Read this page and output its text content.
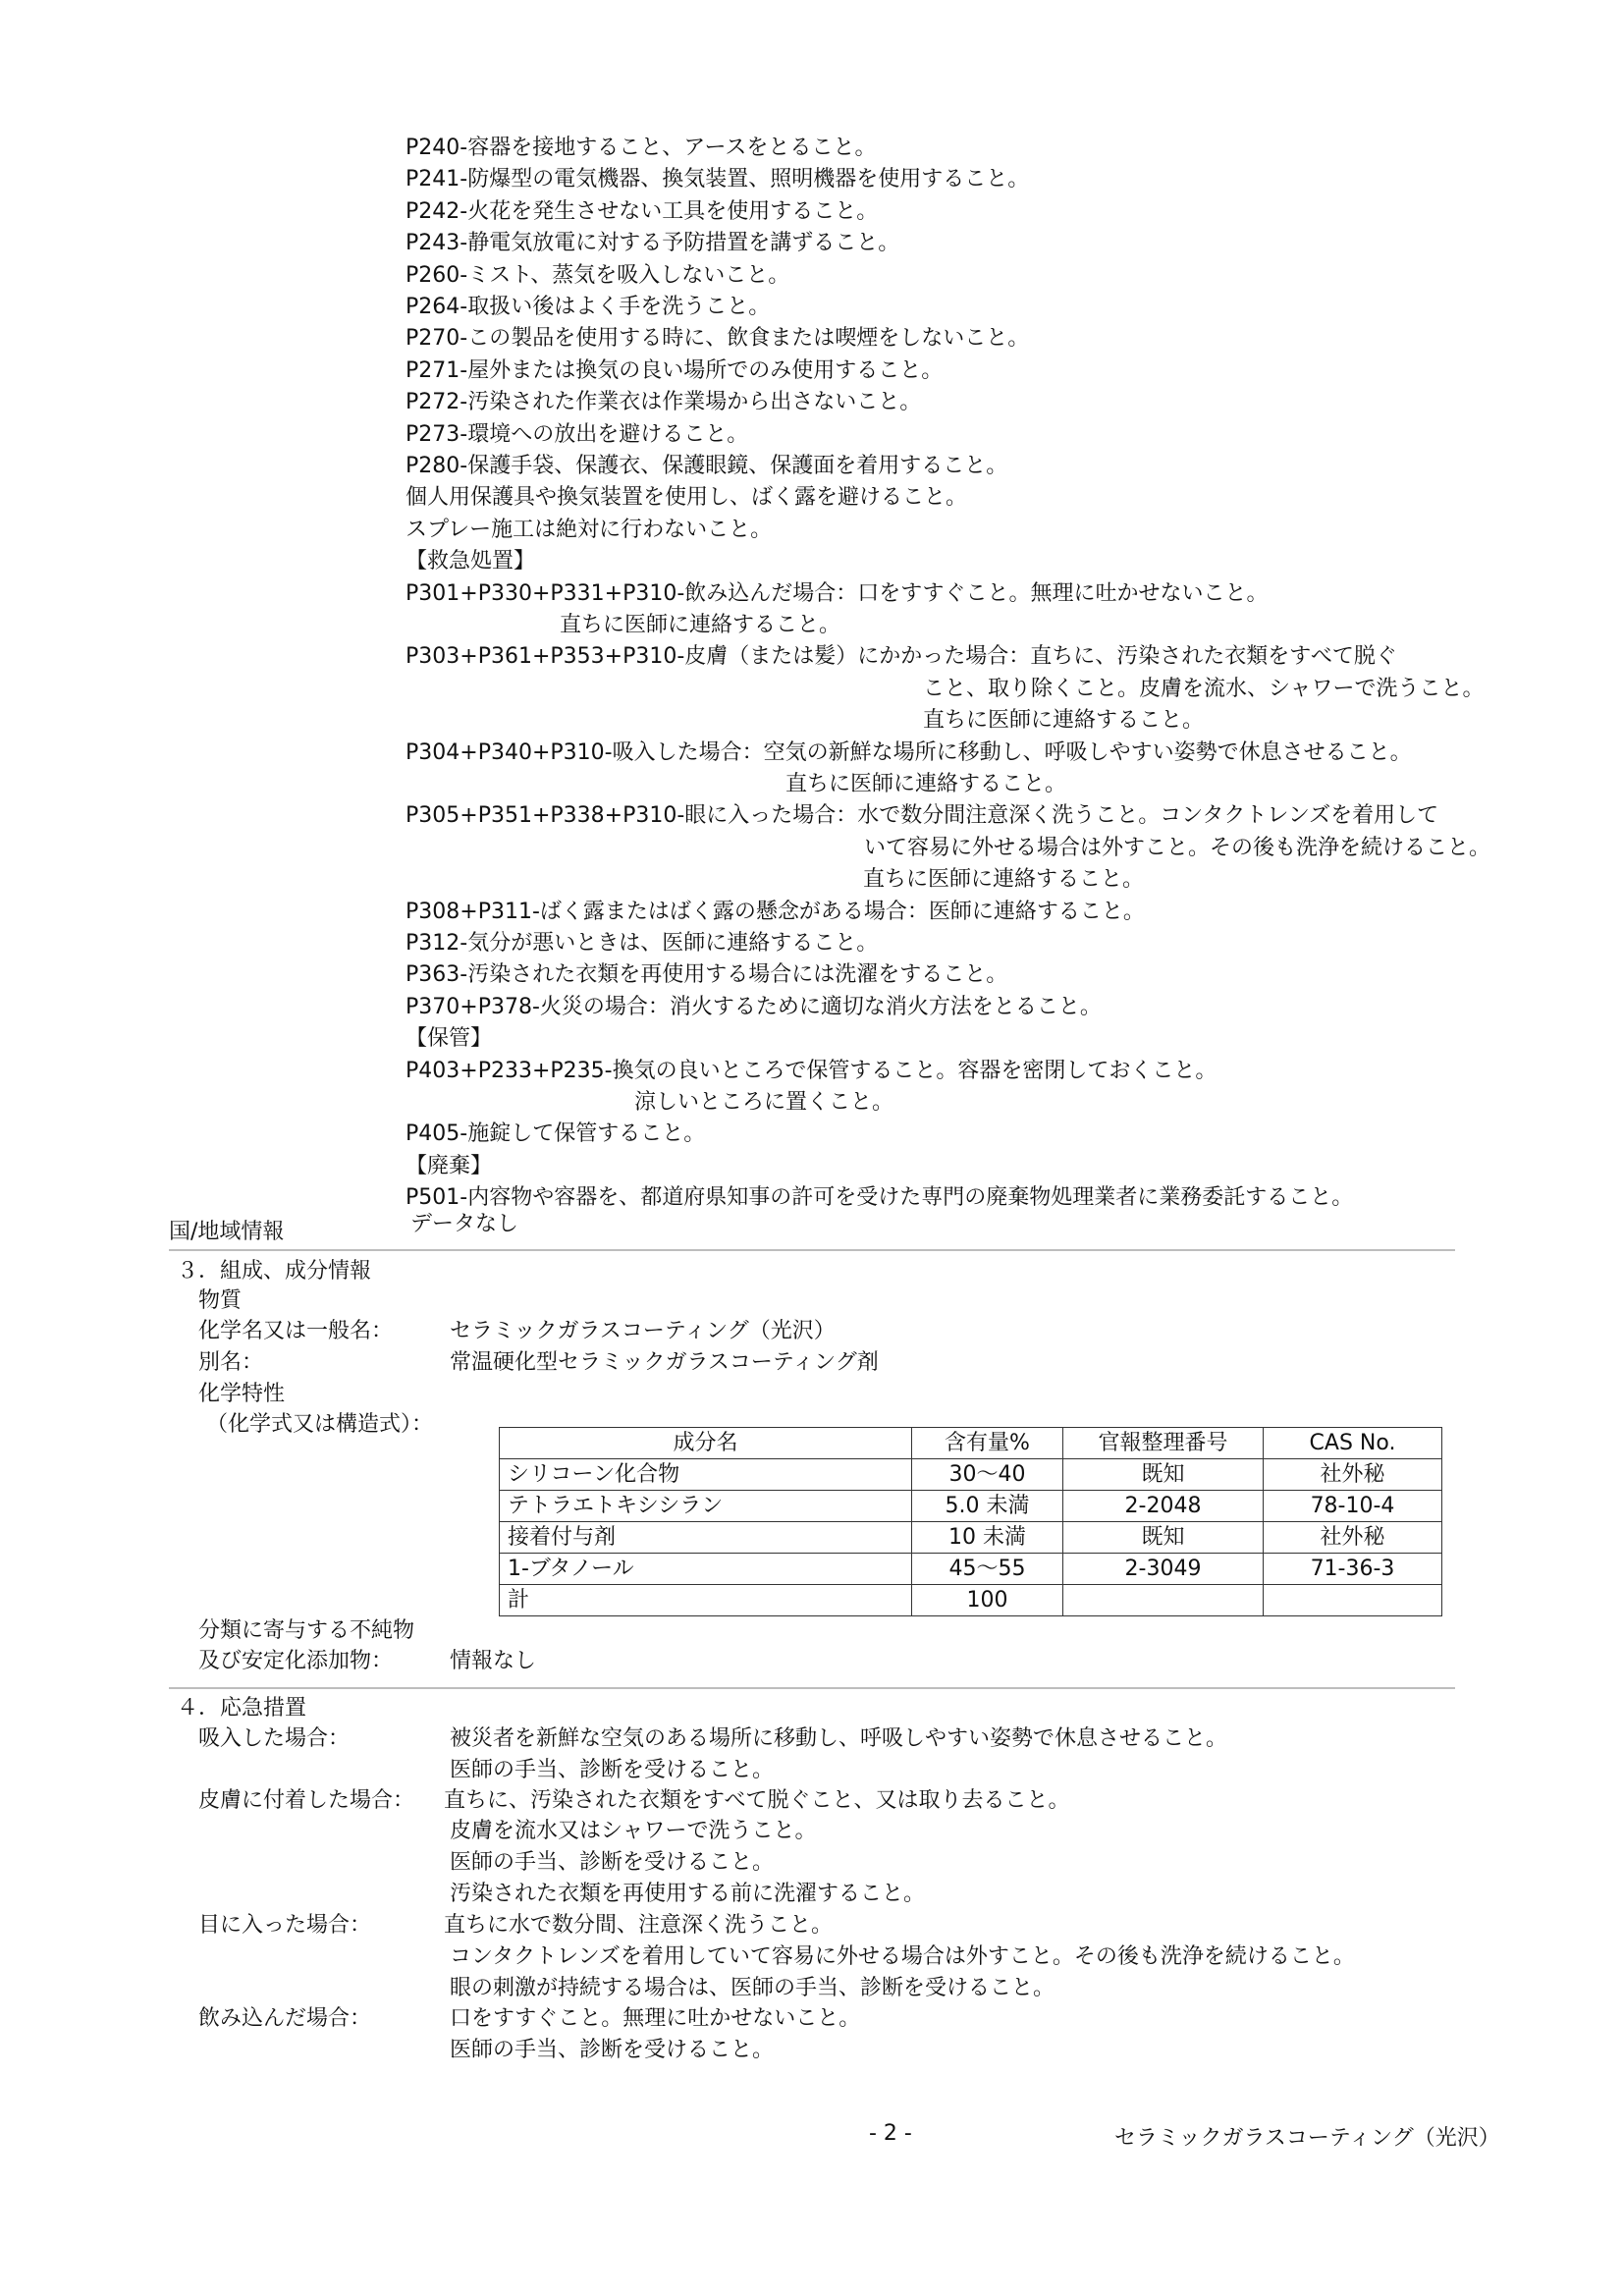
P240-容器を接地すること、アースをとること。
P241-防爆型の電気機器、換気装置、照明機器を使用すること。
P242-火花を発生させない工具を使用すること。
P243-静電気放電に対する予防措置を講ずること。
P260-ミスト、蒸気を吸入しないこと。
P264-取扱い後はよく手を洗うこと。
P270-この製品を使用する時に、飲食または喫煙をしないこと。
P271-屋外または換気の良い場所でのみ使用すること。
P272-汚染された作業衣は作業場から出さないこと。
P273-環境への放出を避けること。
P280-保護手袋、保護衣、保護眼鏡、保護面を着用すること。
個人用保護具や換気装置を使用し、ばく露を避けること。
スプレー施工は絶対に行わないこと。
【救急処置】
P301+P330+P331+P310-飲み込んだ場合：口をすすぐこと。無理に吐かせないこと。
直ちに医師に連絡すること。
P303+P361+P353+P310-皮膚（または髪）にかかった場合：直ちに、汚染された衣類をすべて脱ぐ
こと、取り除くこと。皮膚を流水、シャワーで洗うこと。
直ちに医師に連絡すること。
P304+P340+P310-吸入した場合：空気の新鮮な場所に移動し、呼吸しやすい姿勢で休息させること。
直ちに医師に連絡すること。
P305+P351+P338+P310-眼に入った場合：水で数分間注意深く洗うこと。コンタクトレンズを着用して
いて容易に外せる場合は外すこと。その後も洗浄を続けること。
直ちに医師に連絡すること。
P308+P311-ばく露またはばく露の懸念がある場合：医師に連絡すること。
P312-気分が悪いときは、医師に連絡すること。
P363-汚染された衣類を再使用する場合には洗濯をすること。
P370+P378-火災の場合：消火するために適切な消火方法をとること。
【保管】
P403+P233+P235-換気の良いところで保管すること。容器を密閉しておくこと。
涼しいところに置くこと。
P405-施錠して保管すること。
【廃棄】
P501-内容物や容器を、都道府県知事の許可を受けた専門の廃棄物処理業者に業務委託すること。
国/地域情報	データなし
３．組成、成分情報
物質
化学名又は一般名：	セラミックガラスコーティング（光沢）
別名：	常温硬化型セラミックガラスコーティング剤
化学特性
（化学式又は構造式）：
成分名	含有量%	官報整理番号	CAS No.
シリコーン化合物	30～40	既知	社外秘
テトラエトキシシラン	5.0 未満	2-2048	78-10-4
接着付与剤	10 未満	既知	社外秘
1-ブタノール	45～55	2-3049	71-36-3
計	100		
分類に寄与する不純物
及び安定化添加物：	情報なし
４．応急措置
吸入した場合：	被災者を新鮮な空気のある場所に移動し、呼吸しやすい姿勢で休息させること。
医師の手当、診断を受けること。
皮膚に付着した場合： 直ちに、汚染された衣類をすべて脱ぐこと、又は取り去ること。
皮膚を流水又はシャワーで洗うこと。
医師の手当、診断を受けること。
汚染された衣類を再使用する前に洗濯すること。
目に入った場合：	直ちに水で数分間、注意深く洗うこと。
コンタクトレンズを着用していて容易に外せる場合は外すこと。その後も洗浄を続けること。
眼の刺激が持続する場合は、医師の手当、診断を受けること。
飲み込んだ場合：	口をすすぐこと。無理に吐かせないこと。
医師の手当、診断を受けること。
- 2 -	セラミックガラスコーティング（光沢）
